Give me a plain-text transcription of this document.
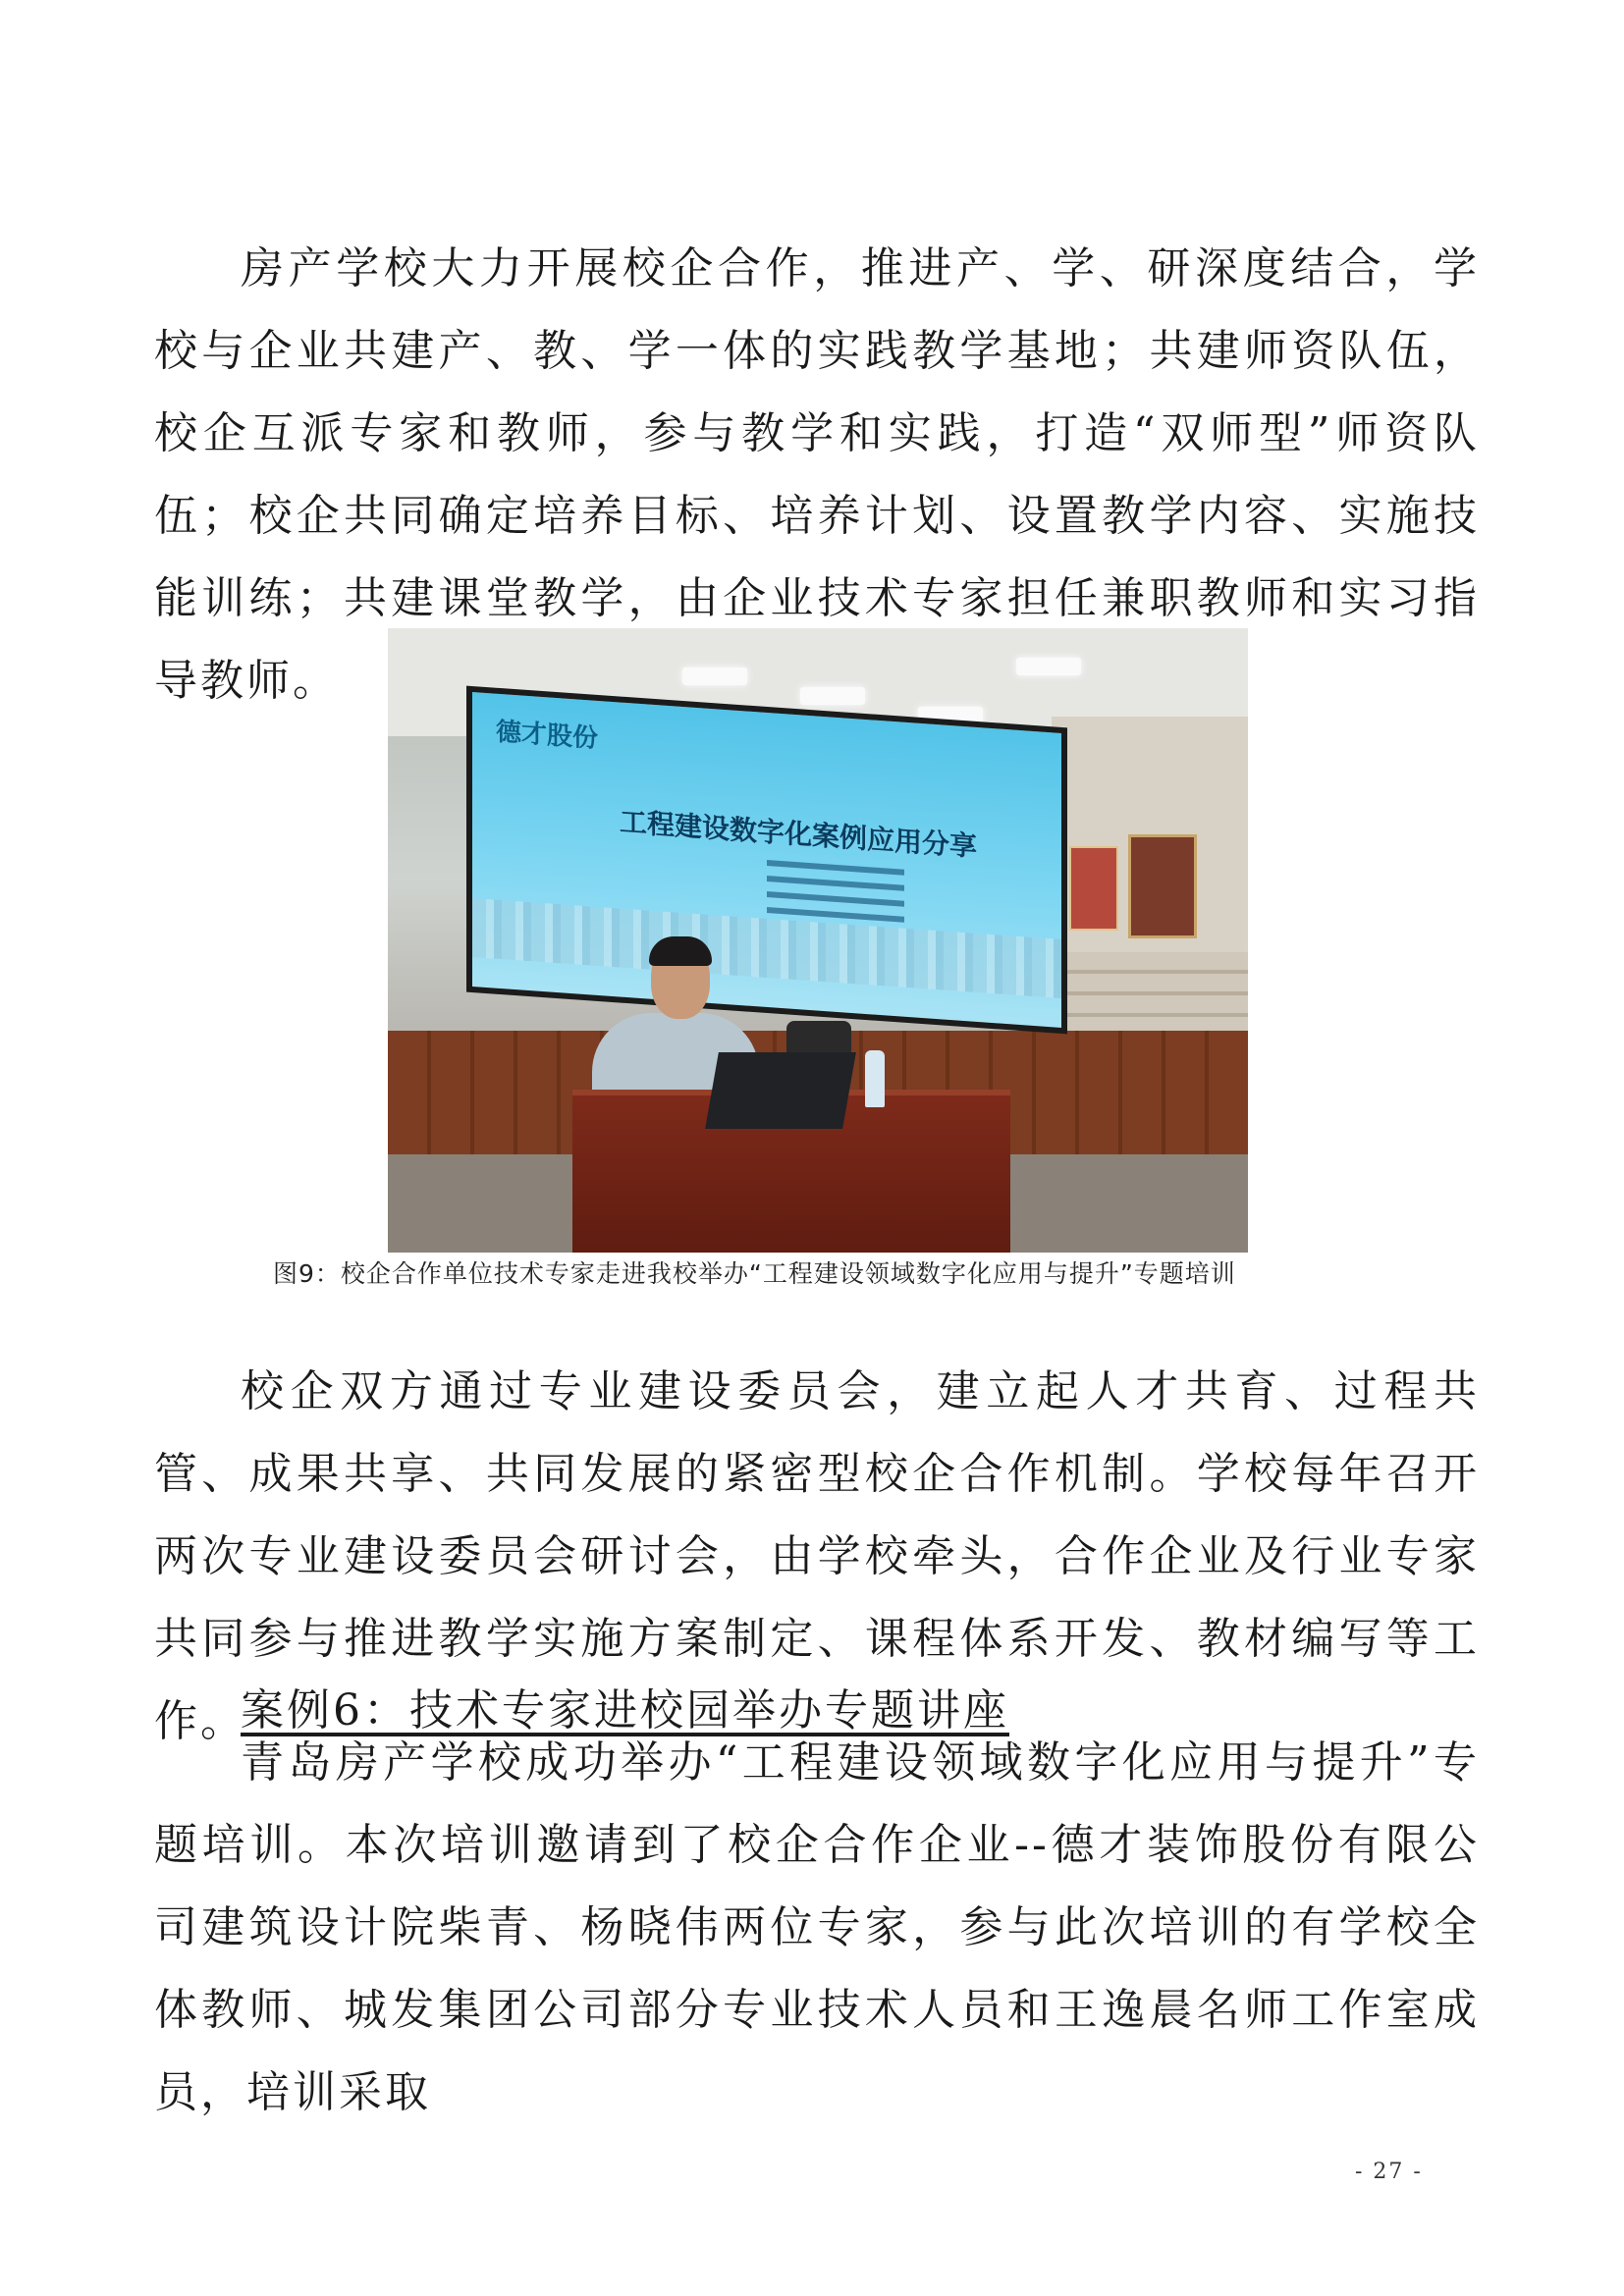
房产学校大力开展校企合作，推进产、学、研深度结合，学校与企业共建产、教、学一体的实践教学基地；共建师资队伍，校企互派专家和教师，参与教学和实践，打造“双师型”师资队伍；校企共同确定培养目标、培养计划、设置教学内容、实施技能训练；共建课堂教学，由企业技术专家担任兼职教师和实习指导教师。

德才股份
工程建设数字化案例应用分享

图9：校企合作单位技术专家走进我校举办“工程建设领域数字化应用与提升”专题培训

校企双方通过专业建设委员会，建立起人才共育、过程共管、成果共享、共同发展的紧密型校企合作机制。学校每年召开两次专业建设委员会研讨会，由学校牵头，合作企业及行业专家共同参与推进教学实施方案制定、课程体系开发、教材编写等工作。

案例6：技术专家进校园举办专题讲座

青岛房产学校成功举办“工程建设领域数字化应用与提升”专题培训。本次培训邀请到了校企合作企业--德才装饰股份有限公司建筑设计院柴青、杨晓伟两位专家，参与此次培训的有学校全体教师、城发集团公司部分专业技术人员和王逸晨名师工作室成员，培训采取

- 27 -
